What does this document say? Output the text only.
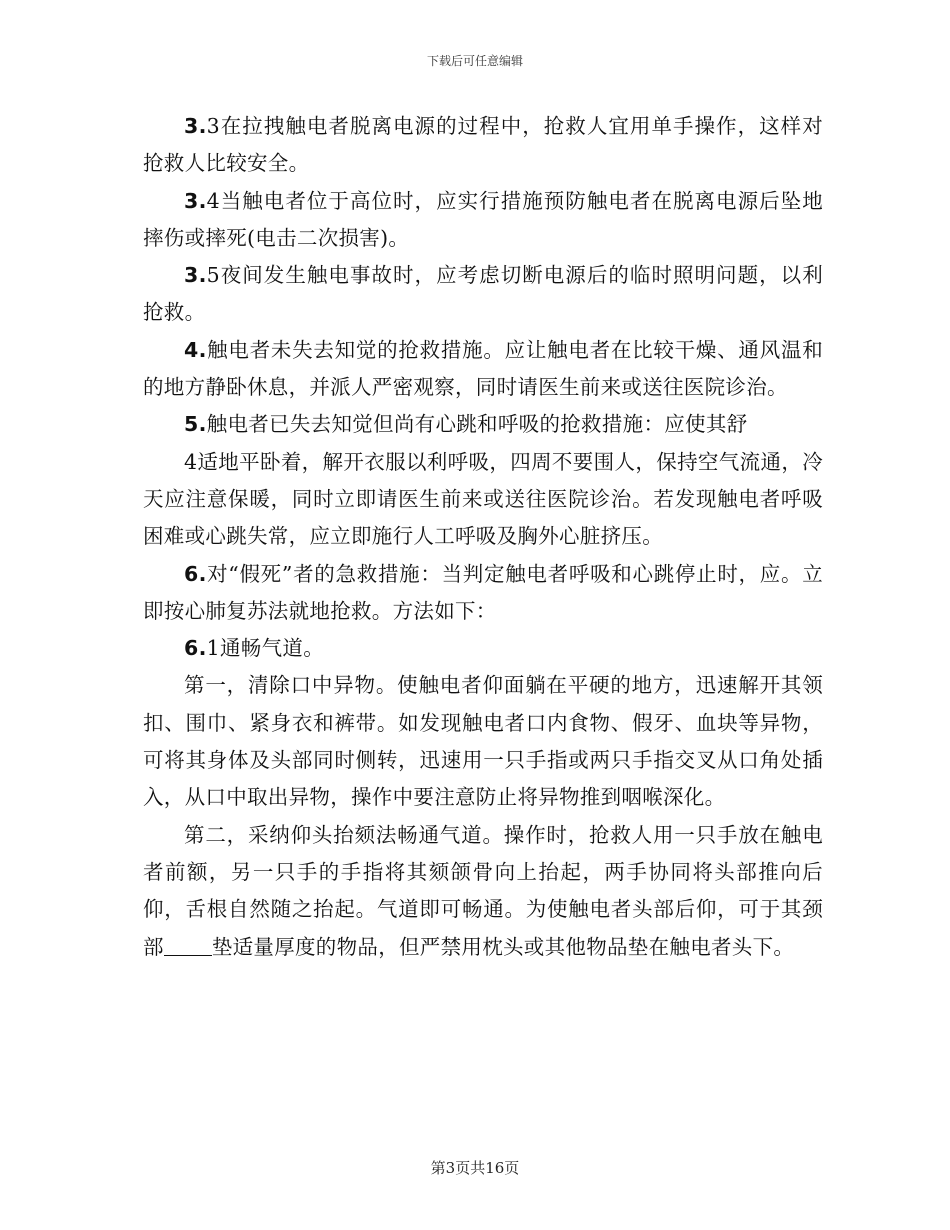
下载后可任意编辑

3.3在拉拽触电者脱离电源的过程中，抢救人宜用单手操作，这样对抢救人比较安全。

3.4当触电者位于高位时，应实行措施预防触电者在脱离电源后坠地摔伤或摔死(电击二次损害)。

3.5夜间发生触电事故时，应考虑切断电源后的临时照明问题，以利抢救。

4.触电者未失去知觉的抢救措施。应让触电者在比较干燥、通风温和的地方静卧休息，并派人严密观察，同时请医生前来或送往医院诊治。

5.触电者已失去知觉但尚有心跳和呼吸的抢救措施：应使其舒

4适地平卧着，解开衣服以利呼吸，四周不要围人，保持空气流通，冷天应注意保暖，同时立即请医生前来或送往医院诊治。若发现触电者呼吸困难或心跳失常，应立即施行人工呼吸及胸外心脏挤压。

6.对“假死”者的急救措施：当判定触电者呼吸和心跳停止时，应。立即按心肺复苏法就地抢救。方法如下：

6.1通畅气道。

第一，清除口中异物。使触电者仰面躺在平硬的地方，迅速解开其领扣、围巾、紧身衣和裤带。如发现触电者口内食物、假牙、血块等异物，可将其身体及头部同时侧转，迅速用一只手指或两只手指交叉从口角处插入，从口中取出异物，操作中要注意防止将异物推到咽喉深化。

第二，采纳仰头抬颏法畅通气道。操作时，抢救人用一只手放在触电者前额，另一只手的手指将其颏颌骨向上抬起，两手协同将头部推向后仰，舌根自然随之抬起。气道即可畅通。为使触电者头部后仰，可于其颈部 垫适量厚度的物品，但严禁用枕头或其他物品垫在触电者头下。

第3页共16页
